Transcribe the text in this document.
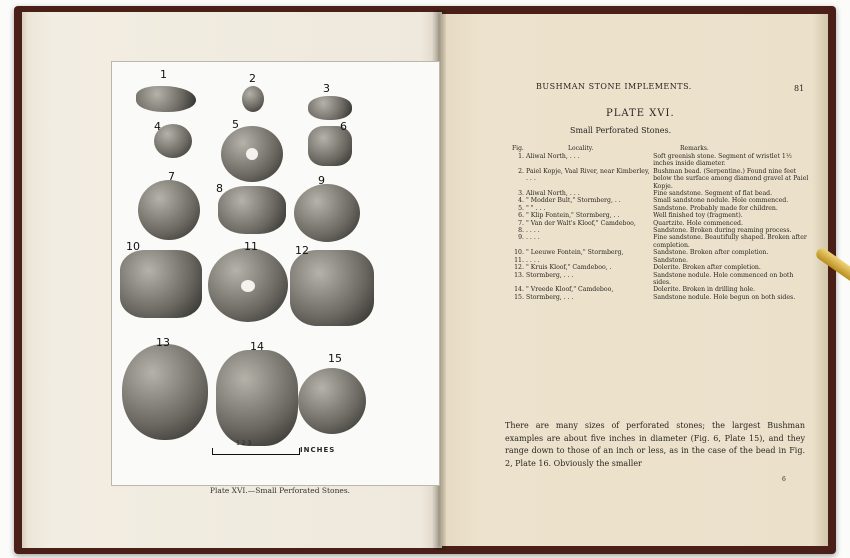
1	2
3
4	5	6
7
8
9
10	11	12
13	14
15
1 2 3
INCHES
Plate XVI.—Small Perforated Stones.
BUSHMAN STONE IMPLEMENTS.	81
PLATE XVI.
Small Perforated Stones.
Fig.	Locality.	Remarks.
1.	Aliwal North, . . .	Soft greenish stone. Segment of wristlet 1½ inches inside diameter.
2.	Paiel Kopje, Vaal River, near Kimberley, . . .	Bushman bead. (Serpentine.) Found nine feet below the surface among diamond gravel at Paiel Kopje.
3.	Aliwal North, . . .	Fine sandstone. Segment of flat bead.
4.	" Modder Bult," Stormberg, . .	Small sandstone nodule. Hole commenced.
5.	" " . . .	Sandstone. Probably made for children.
6.	" Klip Fontein," Stormberg, . .	Well finished toy (fragment).
7.	" Van der Walt's Kloof," Camdeboo,	Quartzite. Hole commenced.
8.	. . . .	Sandstone. Broken during reaming process.
9.	. . . .	Fine sandstone. Beautifully shaped. Broken after completion.
10.	" Leeuwe Fontein," Stormberg,	Sandstone. Broken after completion.
11.	. . . .	Sandstone.
12.	" Kruis Kloof," Camdeboo, .	Dolerite. Broken after completion.
13.	Stormberg, . . .	Sandstone nodule. Hole commenced on both sides.
14.	" Vreede Kloof," Camdeboo,	Dolerite. Broken in drilling hole.
15.	Stormberg, . . .	Sandstone nodule. Hole begun on both sides.
There are many sizes of perforated stones; the largest Bushman examples are about five inches in diameter (Fig. 6, Plate 15), and they range down to those of an inch or less, as in the case of the bead in Fig. 2, Plate 16. Obviously the smaller
6
